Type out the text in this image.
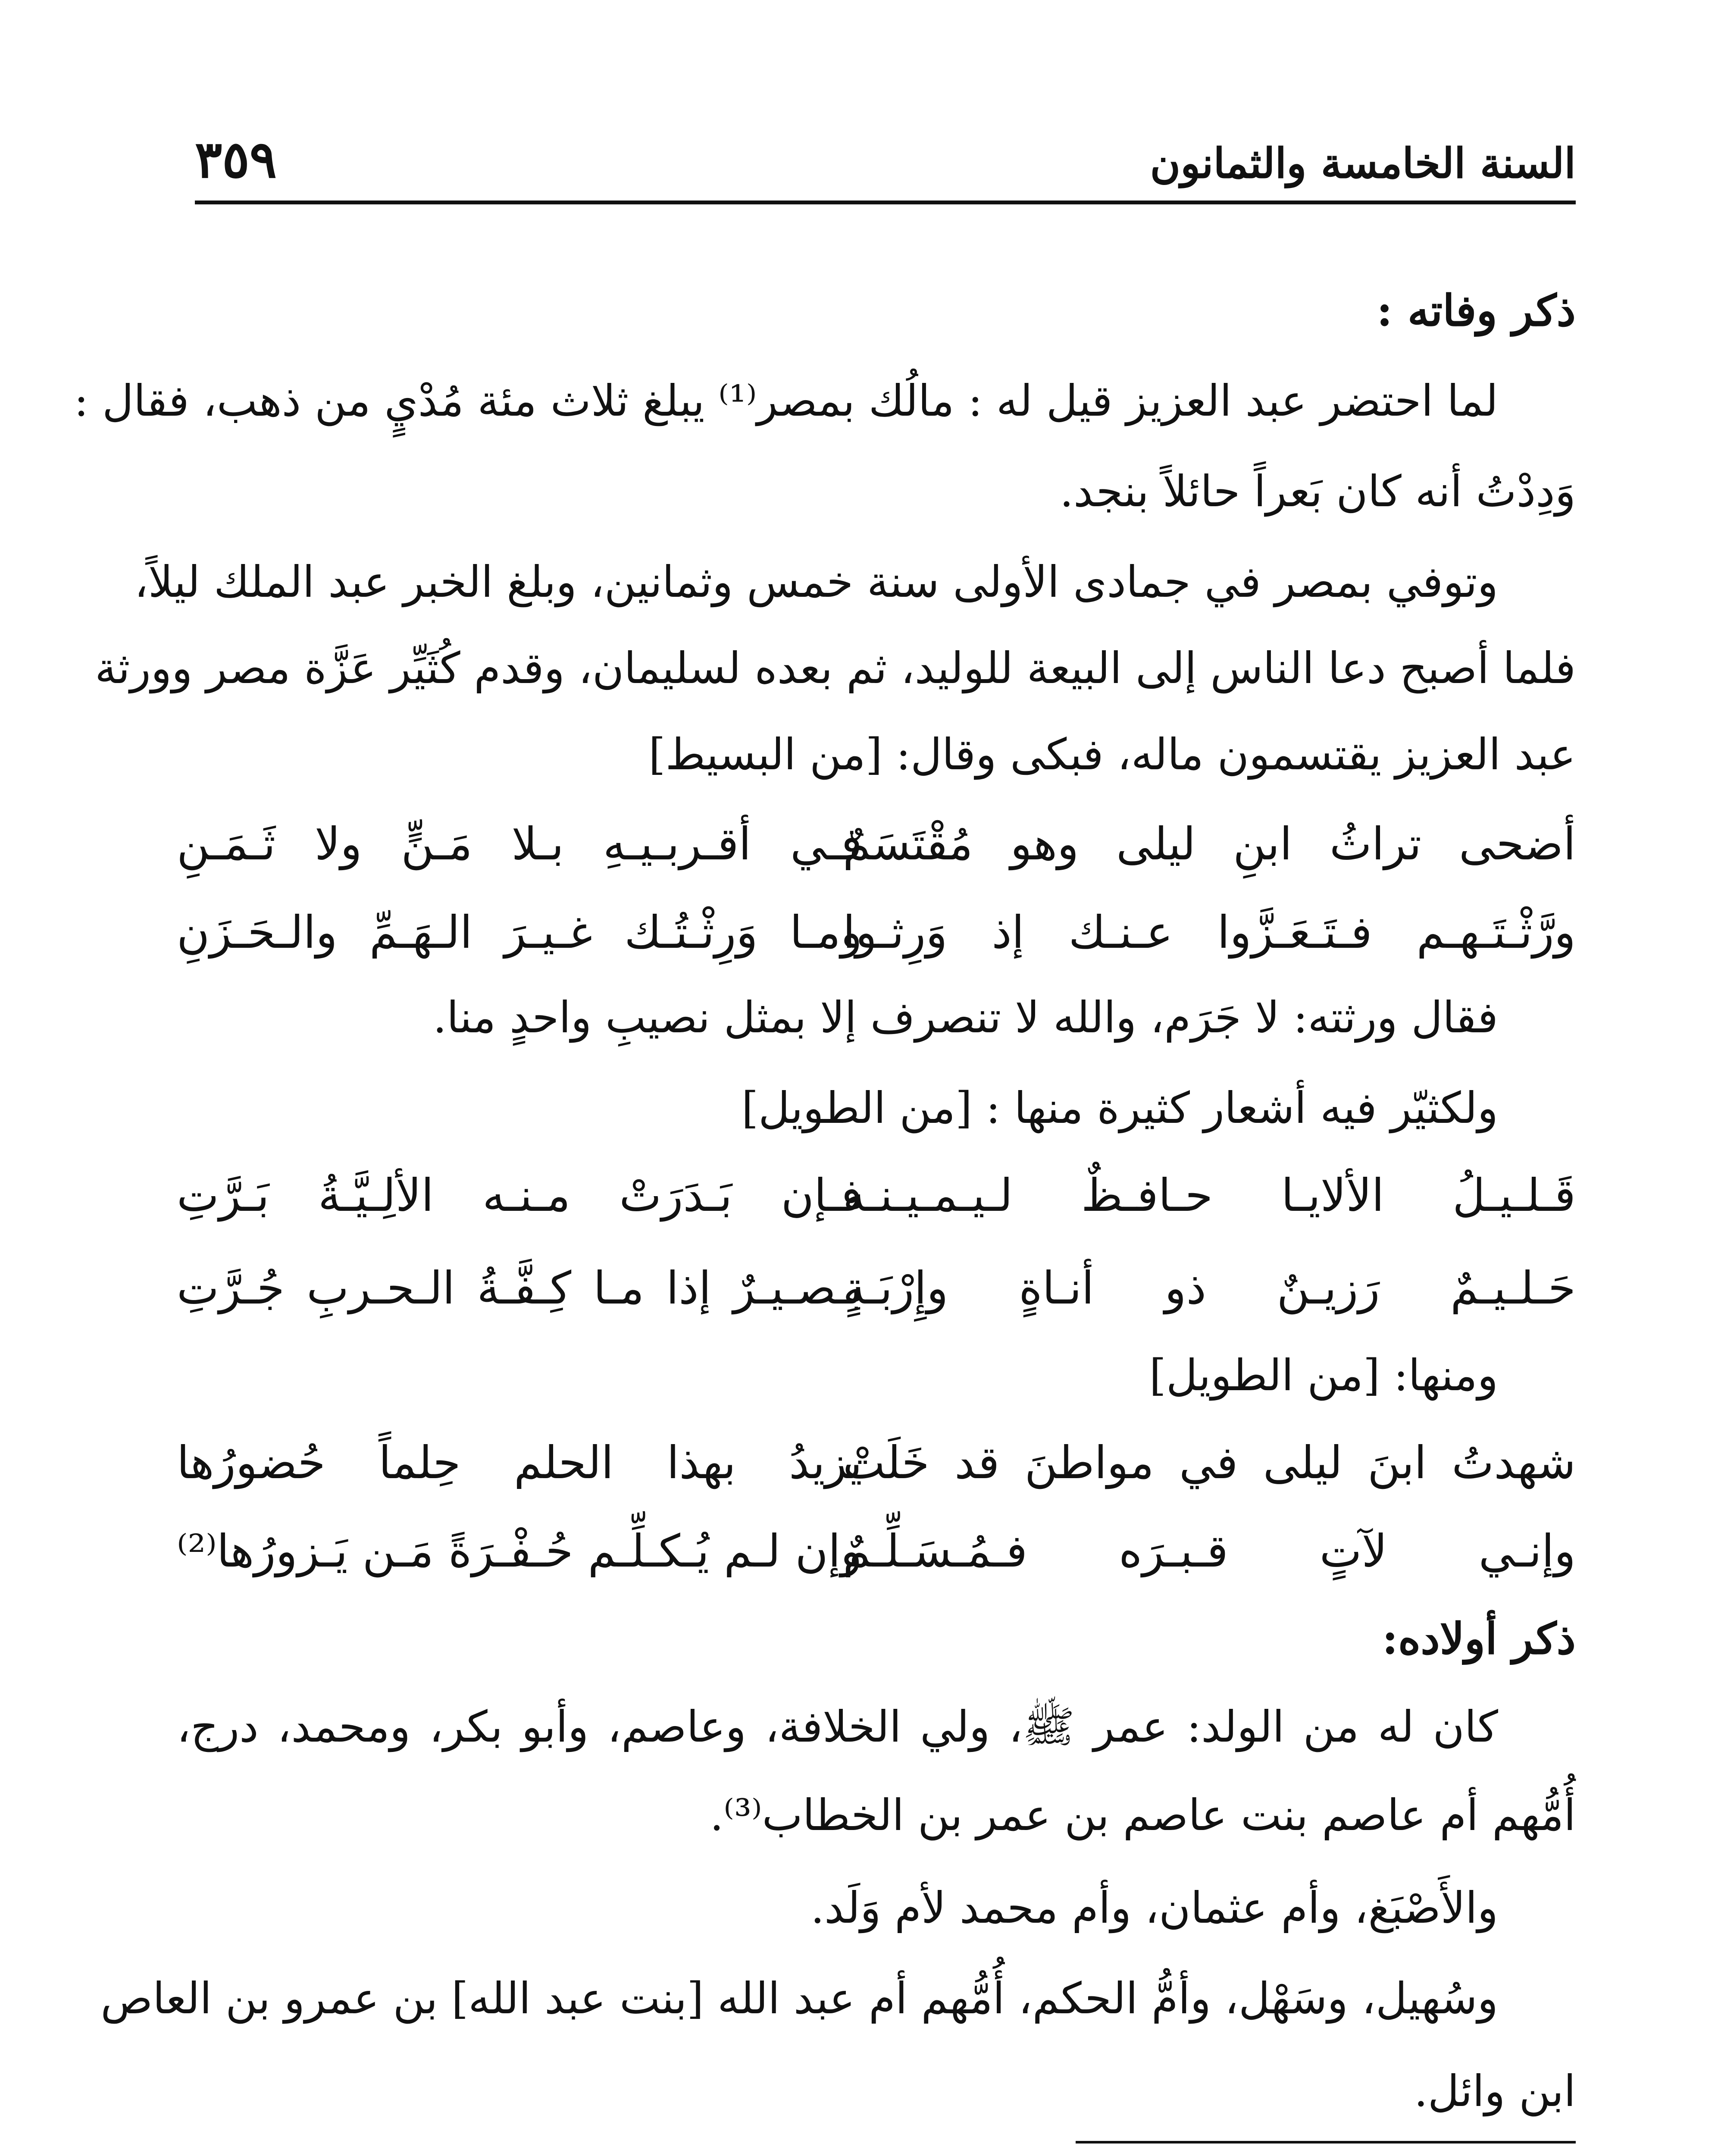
السنة الخامسة والثمانون
٣٥٩
ذكر وفاته :
لما احتضر عبد العزيز قيل له : مالُك بمصر⁽¹⁾ يبلغ ثلاث مئة مُدْيٍ من ذهب، فقال :
وَدِدْتُ أنه كان بَعراً حائلاً بنجد.
وتوفي بمصر في جمادى الأولى سنة خمس وثمانين، وبلغ الخبر عبد الملك ليلاً،
فلما أصبح دعا الناس إلى البيعة للوليد، ثم بعده لسليمان، وقدم كُثَيِّر عَزَّة مصر وورثة
عبد العزيز يقتسمون ماله، فبكى وقال: [من البسيط]
أضحى تراثُ ابنِ ليلى وهو مُقْتَسَمٌ
فـي أقـربـيـهِ بـلا مَـنٍّ ولا ثَـمَـنِ
ورَّثْـتَـهـم فـتَـعَـزَّوا عـنـك إذ وَرِثـوا
ومـا وَرِثْـتُـك غـيـرَ الـهَـمِّ والـحَـزَنِ
فقال ورثته: لا جَرَم، والله لا تنصرف إلا بمثل نصيبِ واحدٍ منا.
ولكثيّر فيه أشعار كثيرة منها : [من الطويل]
قَـلـيـلُ الألايـا حـافـظٌ لـيـمـيـنـه
فـإن بَـدَرَتْ مـنـه الألِـيَّـةُ بَـرَّتِ
حَـلـيـمٌ رَزيـنٌ ذو أنـاةٍ وإِرْبَـةٍ
بـصـيـرٌ إذا مـا كِـفَّـةُ الـحـربِ جُـرَّتِ
ومنها: [من الطويل]
شهدتُ ابنَ ليلى في مواطنَ قد خَلَتْ
يزيدُ بهذا الحلم حِلماً حُضورُها
وإنـي لآتٍ قـبـرَه فـمُـسَـلِّـمٌ
وإن لـم يُـكـلِّـم حُـفْـرَةً مَـن يَـزورُها⁽²⁾
ذكر أولاده:
كان له من الولد: عمر ﷺ، ولي الخلافة، وعاصم، وأبو بكر، ومحمد، درج،
أُمُّهم أم عاصم بنت عاصم بن عمر بن الخطاب⁽³⁾.
والأَصْبَغ، وأم عثمان، وأم محمد لأم وَلَد.
وسُهيل، وسَهْل، وأمُّ الحكم، أُمُّهم أم عبد الله [بنت عبد الله] بن عمرو بن العاص
ابن وائل.
